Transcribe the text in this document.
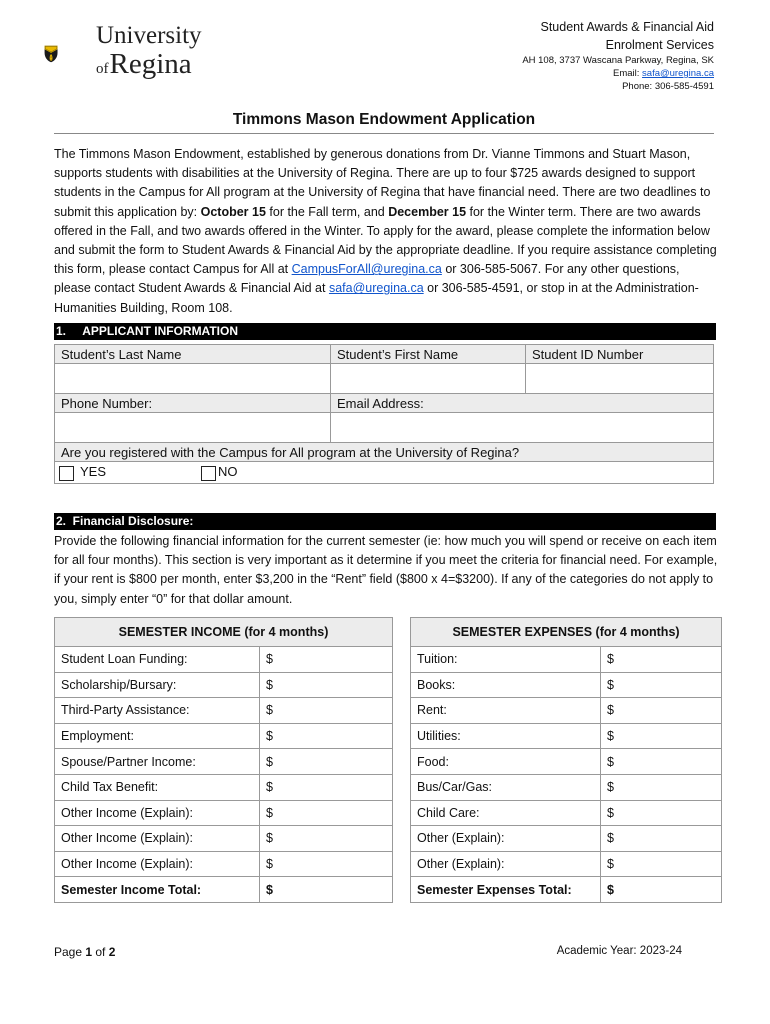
University
ofRegina
Student Awards & Financial Aid
Enrolment Services
AH 108, 3737 Wascana Parkway, Regina, SK
Email: safa@uregina.ca
Phone: 306-585-4591
Timmons Mason Endowment Application
The Timmons Mason Endowment, established by generous donations from Dr. Vianne Timmons and Stuart Mason, supports students with disabilities at the University of Regina. There are up to four $725 awards designed to support students in the Campus for All program at the University of Regina that have financial need. There are two deadlines to submit this application by: October 15 for the Fall term, and December 15 for the Winter term. There are two awards offered in the Fall, and two awards offered in the Winter. To apply for the award, please complete the information below and submit the form to Student Awards & Financial Aid by the appropriate deadline. If you require assistance completing this form, please contact Campus for All at CampusForAll@uregina.ca or 306-585-5067. For any other questions, please contact Student Awards & Financial Aid at safa@uregina.ca or 306-585-4591, or stop in at the Administration-Humanities Building, Room 108.
1.     APPLICANT INFORMATION
Student’s Last Name	Student’s First Name	Student ID Number

Phone Number:	Email Address:	

Are you registered with the Campus for All program at the University of Regina?		
YES NO		
2.  Financial Disclosure:
Provide the following financial information for the current semester (ie: how much you will spend or receive on each item for all four months). This section is very important as it determine if you meet the criteria for financial need. For example, if your rent is $800 per month, enter $3,200 in the “Rent” field ($800 x 4=$3200). If any of the categories do not apply to you, simply enter “0” for that dollar amount.
SEMESTER INCOME (for 4 months)	
Student Loan Funding:	$
Scholarship/Bursary:	$
Third-Party Assistance:	$
Employment:	$
Spouse/Partner Income:	$
Child Tax Benefit:	$
Other Income (Explain):	$
Other Income (Explain):	$
Other Income (Explain):	$
Semester Income Total:	$
SEMESTER EXPENSES (for 4 months)	
Tuition:	$
Books:	$
Rent:	$
Utilities:	$
Food:	$
Bus/Car/Gas:	$
Child Care:	$
Other (Explain):	$
Other (Explain):	$
Semester Expenses Total:	$
Page 1 of 2	Academic Year: 2023-24
